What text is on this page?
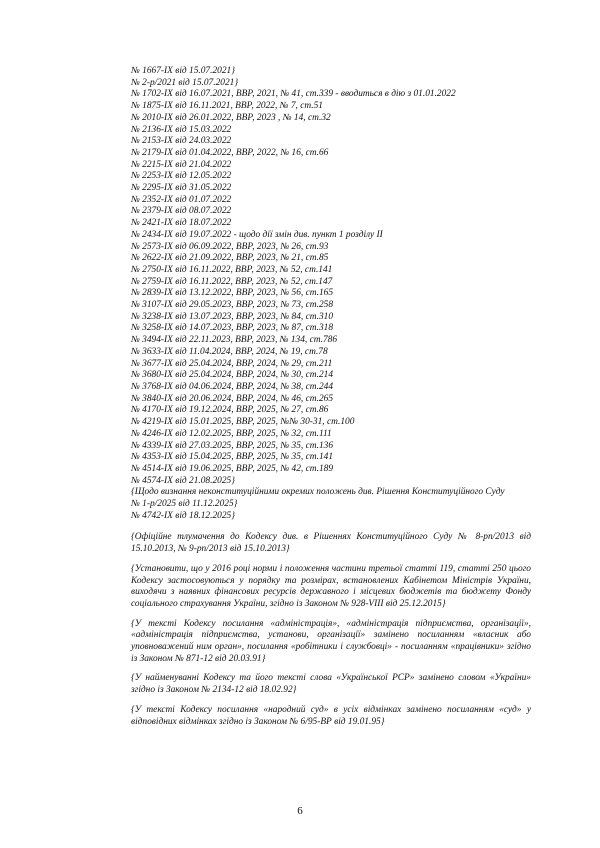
№ 1667-IX від 15.07.2021}
№ 2-р/2021 від 15.07.2021}
№ 1702-IX від 16.07.2021, ВВР, 2021, № 41, ст.339 - вводиться в дію з 01.01.2022
№ 1875-IX від 16.11.2021, ВВР, 2022, № 7, ст.51
№ 2010-IX від 26.01.2022, ВВР, 2023 , № 14, ст.32
№ 2136-IX від 15.03.2022
№ 2153-IX від 24.03.2022
№ 2179-IX від 01.04.2022, ВВР, 2022, № 16, ст.66
№ 2215-IX від 21.04.2022
№ 2253-IX від 12.05.2022
№ 2295-IX від 31.05.2022
№ 2352-IX від 01.07.2022
№ 2379-IX від 08.07.2022
№ 2421-IX від 18.07.2022
№ 2434-IX від 19.07.2022 - щодо дії змін див. пункт 1 розділу II
№ 2573-IX від 06.09.2022, ВВР, 2023, № 26, ст.93
№ 2622-IX від 21.09.2022, ВВР, 2023, № 21, ст.85
№ 2750-IX від 16.11.2022, ВВР, 2023, № 52, ст.141
№ 2759-IX від 16.11.2022, ВВР, 2023, № 52, ст.147
№ 2839-IX від 13.12.2022, ВВР, 2023, № 56, ст.165
№ 3107-IX від 29.05.2023, ВВР, 2023, № 73, ст.258
№ 3238-IX від 13.07.2023, ВВР, 2023, № 84, ст.310
№ 3258-IX від 14.07.2023, ВВР, 2023, № 87, ст.318
№ 3494-IX від 22.11.2023, ВВР, 2023, № 134, ст.786
№ 3633-IX від 11.04.2024, ВВР, 2024, № 19, ст.78
№ 3677-IX від 25.04.2024, ВВР, 2024, № 29, ст.211
№ 3680-IX від 25.04.2024, ВВР, 2024, № 30, ст.214
№ 3768-IX від 04.06.2024, ВВР, 2024, № 38, ст.244
№ 3840-IX від 20.06.2024, ВВР, 2024, № 46, ст.265
№ 4170-IX від 19.12.2024, ВВР, 2025, № 27, ст.86
№ 4219-IX від 15.01.2025, ВВР, 2025, №№ 30-31, ст.100
№ 4246-IX від 12.02.2025, ВВР, 2025, № 32, ст.111
№ 4339-IX від 27.03.2025, ВВР, 2025, № 35, ст.136
№ 4353-IX від 15.04.2025, ВВР, 2025, № 35, ст.141
№ 4514-IX від 19.06.2025, ВВР, 2025, № 42, ст.189
№ 4574-IX від 21.08.2025}
{Щодо визнання неконституційними окремих положень див. Рішення Конституційного Суду
№ 1-р/2025 від 11.12.2025}
№ 4742-IX від 18.12.2025}
{Офіційне тлумачення до Кодексу див. в Рішеннях Конституційного Суду № 8-рп/2013 від 15.10.2013, № 9-рп/2013 від 15.10.2013}
{Установити, що у 2016 році норми і положення частини третьої статті 119, статті 250 цього Кодексу застосовуються у порядку та розмірах, встановлених Кабінетом Міністрів України, виходячи з наявних фінансових ресурсів державного і місцевих бюджетів та бюджету Фонду соціального страхування України, згідно із Законом № 928-VIII від 25.12.2015}
{У тексті Кодексу посилання «адміністрація», «адміністрація підприємства, організації», «адміністрація підприємства, установи, організації» замінено посиланням «власник або уповноважений ним орган», посилання «робітники і службовці» - посиланням «працівники» згідно із Законом № 871-12 від 20.03.91}
{У найменуванні Кодексу та його тексті слова «Української РСР» замінено словом «України» згідно із Законом № 2134-12 від 18.02.92}
{У тексті Кодексу посилання «народний суд» в усіх відмінках замінено посиланням «суд» у відповідних відмінках згідно із Законом № 6/95-ВР від 19.01.95}
6
